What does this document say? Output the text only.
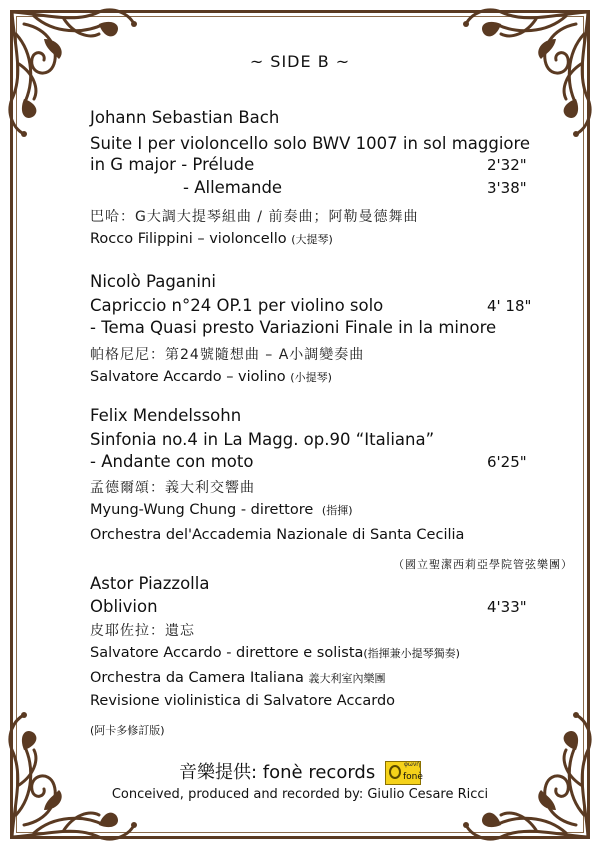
~ SIDE B ~
Johann Sebastian Bach
Suite I per violoncello solo BWV 1007 in sol maggiore
in G major - Prélude	2'32"
- Allemande	3'38"
巴哈：G大調大提琴組曲 / 前奏曲；阿勒曼德舞曲
Rocco Filippini – violoncello (大提琴)
Nicolò Paganini
Capriccio n°24 OP.1 per violino solo	4' 18"
- Tema Quasi presto Variazioni Finale in la minore
帕格尼尼：第24號隨想曲 – A小調變奏曲
Salvatore Accardo – violino (小提琴)
Felix Mendelssohn
Sinfonia no.4 in La Magg. op.90 “Italiana”
- Andante con moto	6'25"
孟德爾頌：義大利交響曲
Myung-Wung Chung - direttore (指揮)
Orchestra del'Accademia Nazionale di Santa Cecilia
（國立聖潔西莉亞學院管弦樂團）
Astor Piazzolla
Oblivion	4'33"
皮耶佐拉：遺忘
Salvatore Accardo - direttore e solista(指揮兼小提琴獨奏)
Orchestra da Camera Italiana 義大利室內樂團
Revisione violinistica di Salvatore Accardo
(阿卡多修訂版)
音樂提供: fonè records	φωνή
fonè
Conceived, produced and recorded by: Giulio Cesare Ricci
